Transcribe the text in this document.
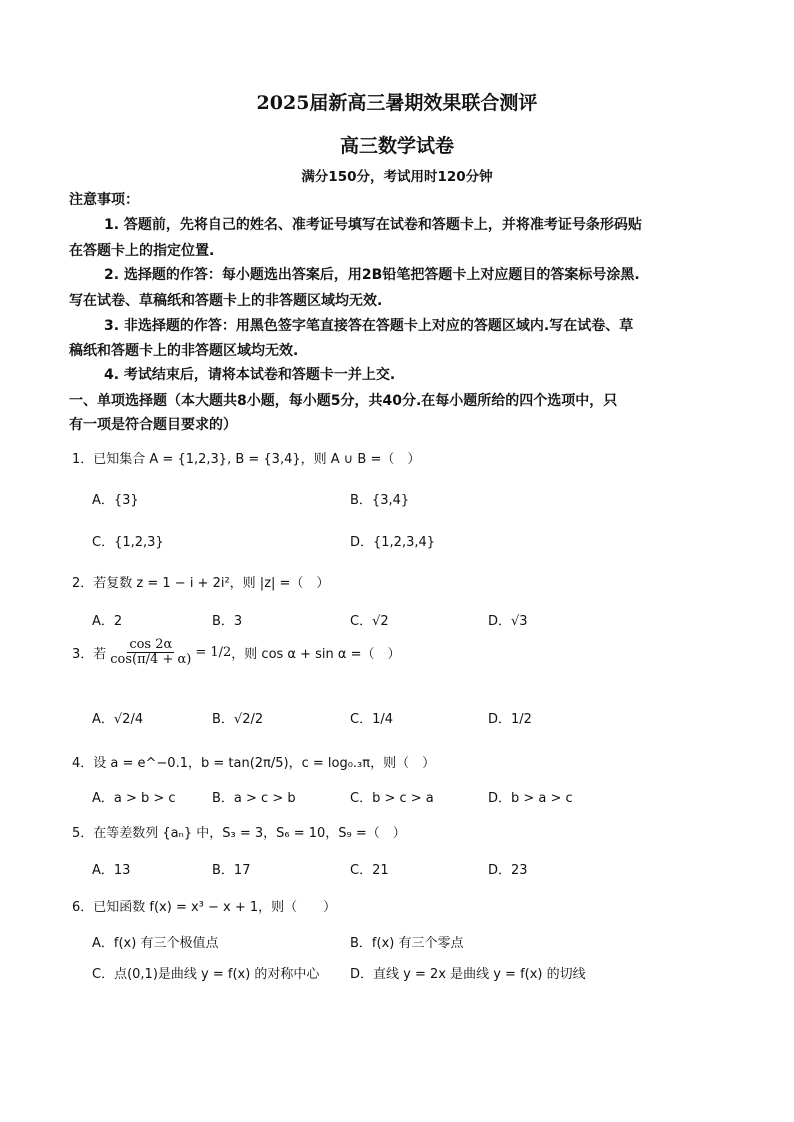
2025届新高三暑期效果联合测评
高三数学试卷
满分150分，考试用时120分钟
注意事项：
1. 答题前，先将自己的姓名、准考证号填写在试卷和答题卡上，并将准考证号条形码贴
在答题卡上的指定位置.
2. 选择题的作答：每小题选出答案后，用2B铅笔把答题卡上对应题目的答案标号涂黑.
写在试卷、草稿纸和答题卡上的非答题区域均无效.
3. 非选择题的作答：用黑色签字笔直接答在答题卡上对应的答题区域内.写在试卷、草
稿纸和答题卡上的非答题区域均无效.
4. 考试结束后，请将本试卷和答题卡一并上交.
一、单项选择题（本大题共8小题，每小题5分，共40分.在每小题所给的四个选项中，只
有一项是符合题目要求的）
1．已知集合 A = {1,2,3}, B = {3,4}，则 A ∪ B =（　）
A．{3}	B．{3,4}
C．{1,2,3}	D．{1,2,3,4}
2．若复数 z = 1 − i + 2i²，则 |z| =（　）
A．2	B．3	C．√2	D．√3
3．若 $\frac{\cos 2\alpha}{\cos(\pi/4 + \alpha)} = 1/2$ ，则 cos α + sin α =（　）
A．√2/4	B．√2/2	C．1/4	D．1/2
4．设 a = e^−0.1，b = tan(2π/5)，c = log₀.₃π，则（　）
A．a > b > c	B．a > c > b	C．b > c > a	D．b > a > c
5．在等差数列 {aₙ} 中，S₃ = 3，S₆ = 10，S₉ =（　）
A．13	B．17	C．21	D．23
6．已知函数 f(x) = x³ − x + 1，则（　　）
A．f(x) 有三个极值点	B．f(x) 有三个零点
C．点(0,1)是曲线 y = f(x) 的对称中心 D．直线 y = 2x 是曲线 y = f(x) 的切线
